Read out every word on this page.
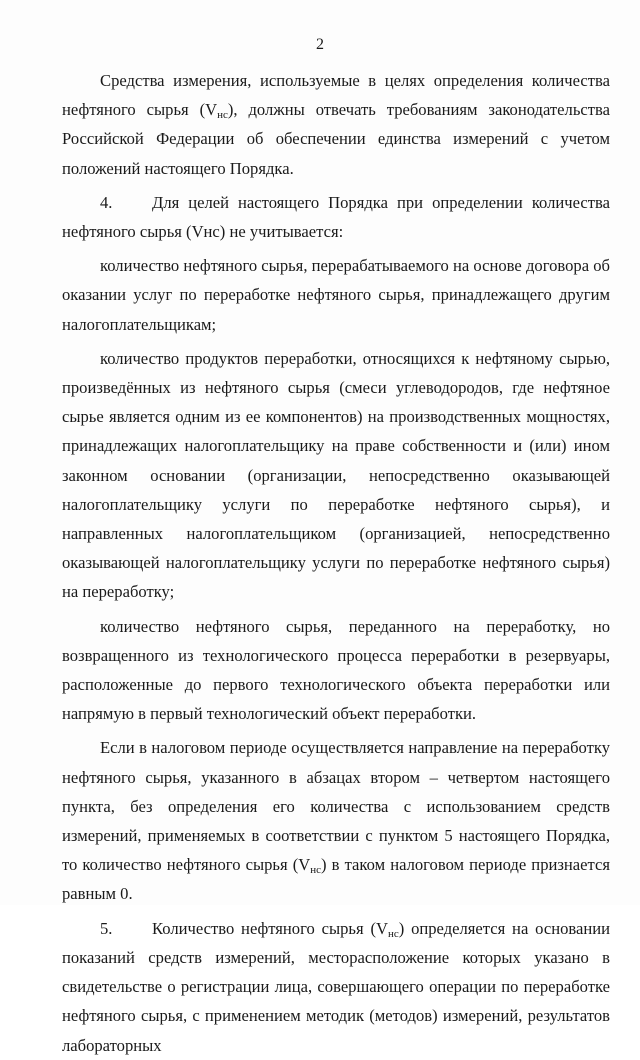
2

Средства измерения, используемые в целях определения количества нефтяного сырья $(V_{нс})$, должны отвечать требованиям законодательства Российской Федерации об обеспечении единства измерений с учетом положений настоящего Порядка.

4. Для целей настоящего Порядка при определении количества нефтяного сырья (Vнс) не учитывается:

количество нефтяного сырья, перерабатываемого на основе договора об оказании услуг по переработке нефтяного сырья, принадлежащего другим налогоплательщикам;

количество продуктов переработки, относящихся к нефтяному сырью, произведённых из нефтяного сырья (смеси углеводородов, где нефтяное сырье является одним из ее компонентов) на производственных мощностях, принадлежащих налогоплательщику на праве собственности и (или) ином законном основании (организации, непосредственно оказывающей налогоплательщику услуги по переработке нефтяного сырья), и направленных налогоплательщиком (организацией, непосредственно оказывающей налогоплательщику услуги по переработке нефтяного сырья) на переработку;

количество нефтяного сырья, переданного на переработку, но возвращенного из технологического процесса переработки в резервуары, расположенные до первого технологического объекта переработки или напрямую в первый технологический объект переработки.

Если в налоговом периоде осуществляется направление на переработку нефтяного сырья, указанного в абзацах втором – четвертом настоящего пункта, без определения его количества с использованием средств измерений, применяемых в соответствии с пунктом 5 настоящего Порядка, то количество нефтяного сырья $(V_{нс})$ в таком налоговом периоде признается равным 0.

5. Количество нефтяного сырья $(V_{нс})$ определяется на основании показаний средств измерений, месторасположение которых указано в свидетельстве о регистрации лица, совершающего операции по переработке нефтяного сырья, с применением методик (методов) измерений, результатов лабораторных
